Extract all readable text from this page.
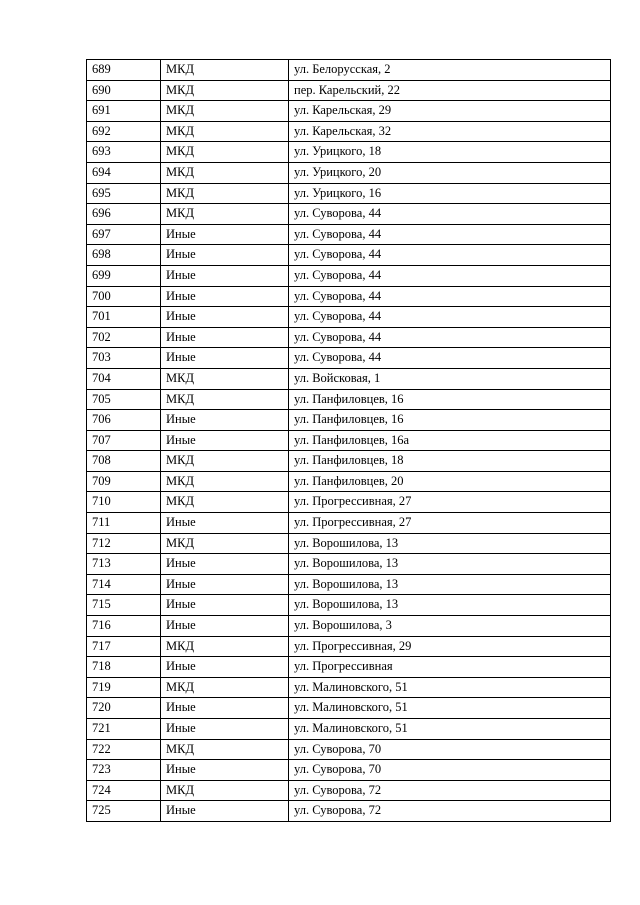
689	МКД	ул. Белорусская, 2
690	МКД	пер. Карельский, 22
691	МКД	ул. Карельская, 29
692	МКД	ул. Карельская, 32
693	МКД	ул. Урицкого, 18
694	МКД	ул. Урицкого, 20
695	МКД	ул. Урицкого, 16
696	МКД	ул. Суворова, 44
697	Иные	ул. Суворова, 44
698	Иные	ул. Суворова, 44
699	Иные	ул. Суворова, 44
700	Иные	ул. Суворова, 44
701	Иные	ул. Суворова, 44
702	Иные	ул. Суворова, 44
703	Иные	ул. Суворова, 44
704	МКД	ул. Войсковая, 1
705	МКД	ул. Панфиловцев, 16
706	Иные	ул. Панфиловцев, 16
707	Иные	ул. Панфиловцев, 16а
708	МКД	ул. Панфиловцев, 18
709	МКД	ул. Панфиловцев, 20
710	МКД	ул. Прогрессивная, 27
711	Иные	ул. Прогрессивная, 27
712	МКД	ул. Ворошилова, 13
713	Иные	ул. Ворошилова, 13
714	Иные	ул. Ворошилова, 13
715	Иные	ул. Ворошилова, 13
716	Иные	ул. Ворошилова, 3
717	МКД	ул. Прогрессивная, 29
718	Иные	ул. Прогрессивная
719	МКД	ул. Малиновского, 51
720	Иные	ул. Малиновского, 51
721	Иные	ул. Малиновского, 51
722	МКД	ул. Суворова, 70
723	Иные	ул. Суворова, 70
724	МКД	ул. Суворова, 72
725	Иные	ул. Суворова, 72
